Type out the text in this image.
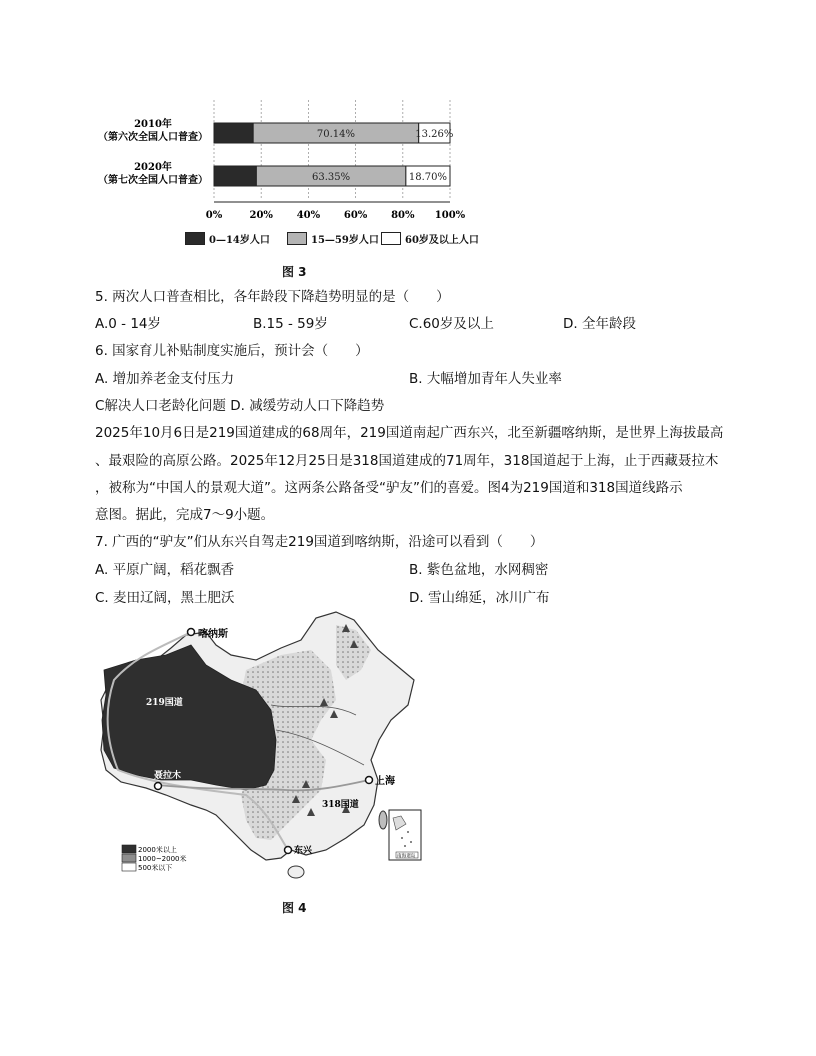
0%	20% 40% 60% 80% 100%
2010年
（第六次全国人口普查）
2020年
（第七次全国人口普查）
70.14%	13.26%
63.35%	18.70%
0—14岁人口	15—59岁人口	60岁及以上人口
图 3
5. 两次人口普查相比，各年龄段下降趋势明显的是（　　）
A.0 - 14岁	B.15 - 59岁	C.60岁及以上	D. 全年龄段
6. 国家育儿补贴制度实施后，预计会（　　）
A. 增加养老金支付压力	B. 大幅增加青年人失业率
C解决人口老龄化问题 D. 减缓劳动人口下降趋势
2025年10月6日是219国道建成的68周年，219国道南起广西东兴，北至新疆喀纳斯，是世界上海拔最高
、最艰险的高原公路。2025年12月25日是318国道建成的71周年，318国道起于上海，止于西藏聂拉木
，被称为“中国人的景观大道”。这两条公路备受“驴友”们的喜爱。图4为219国道和318国道线路示
意图。据此，完成7～9小题。
7. 广西的“驴友”们从东兴自驾走219国道到喀纳斯，沿途可以看到（　　）
A. 平原广阔，稻花飘香	B. 紫色盆地，水网稠密
C. 麦田辽阔，黑土肥沃	D. 雪山绵延，冰川广布
喀纳斯
219国道
聂拉木	上海
318国道
东兴
南海诸岛
2000米以上
1000~2000米
500米以下
图 4
